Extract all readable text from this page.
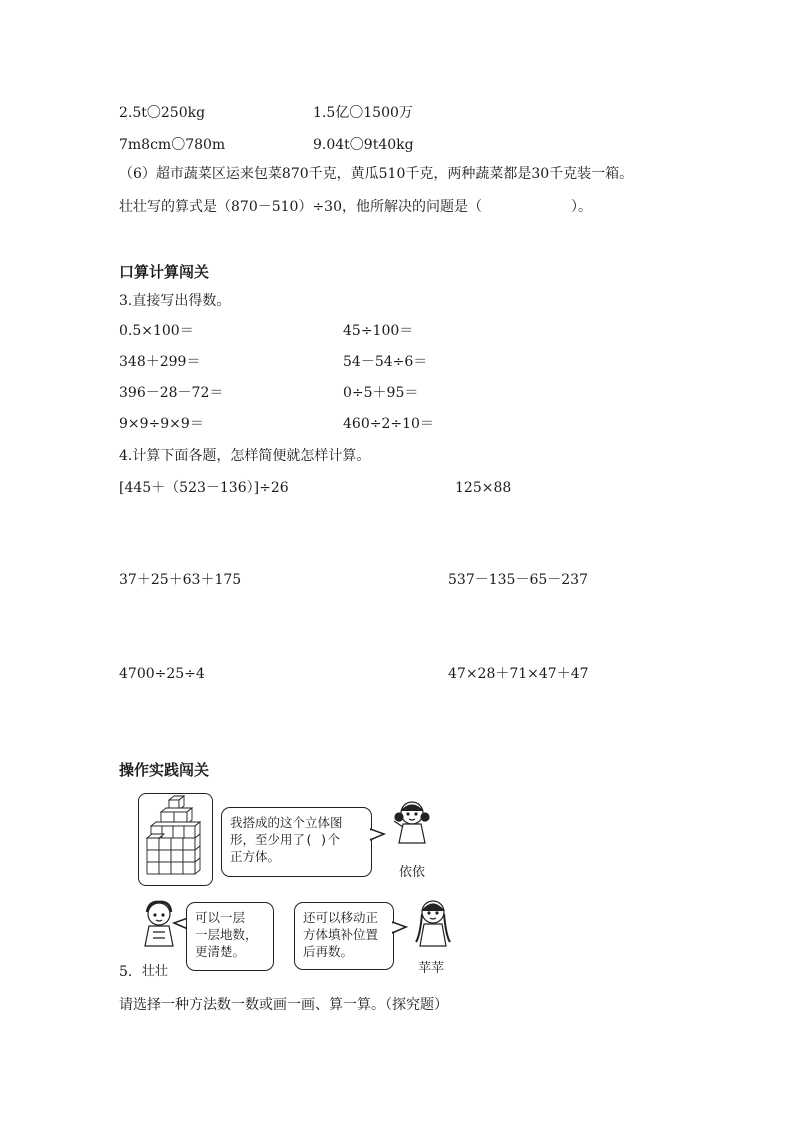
2.5t〇250kg	1.5亿〇1500万
7m8cm〇780m	9.04t〇9t40kg
（6）超市蔬菜区运来包菜870千克，黄瓜510千克，两种蔬菜都是30千克装一箱。
壮壮写的算式是（870－510）÷30，他所解决的问题是（                    ）。
口算计算闯关
3.直接写出得数。
0.5×100＝	45÷100＝
348＋299＝	54－54÷6＝
396－28－72＝	0÷5＋95＝
9×9÷9×9＝	460÷2÷10＝
4.计算下面各题，怎样简便就怎样计算。
[445＋（523－136）]÷26	125×88
37＋25＋63＋175	537－135－65－237
4700÷25÷4	47×28＋71×47＋47
操作实践闯关
我搭成的这个立体图
形，至少用了( )个
正方体。
依依
壮壮
5.
可以一层
一层地数，
更清楚。
还可以移动正
方体填补位置
后再数。
苹苹
请选择一种方法数一数或画一画、算一算。（探究题）
